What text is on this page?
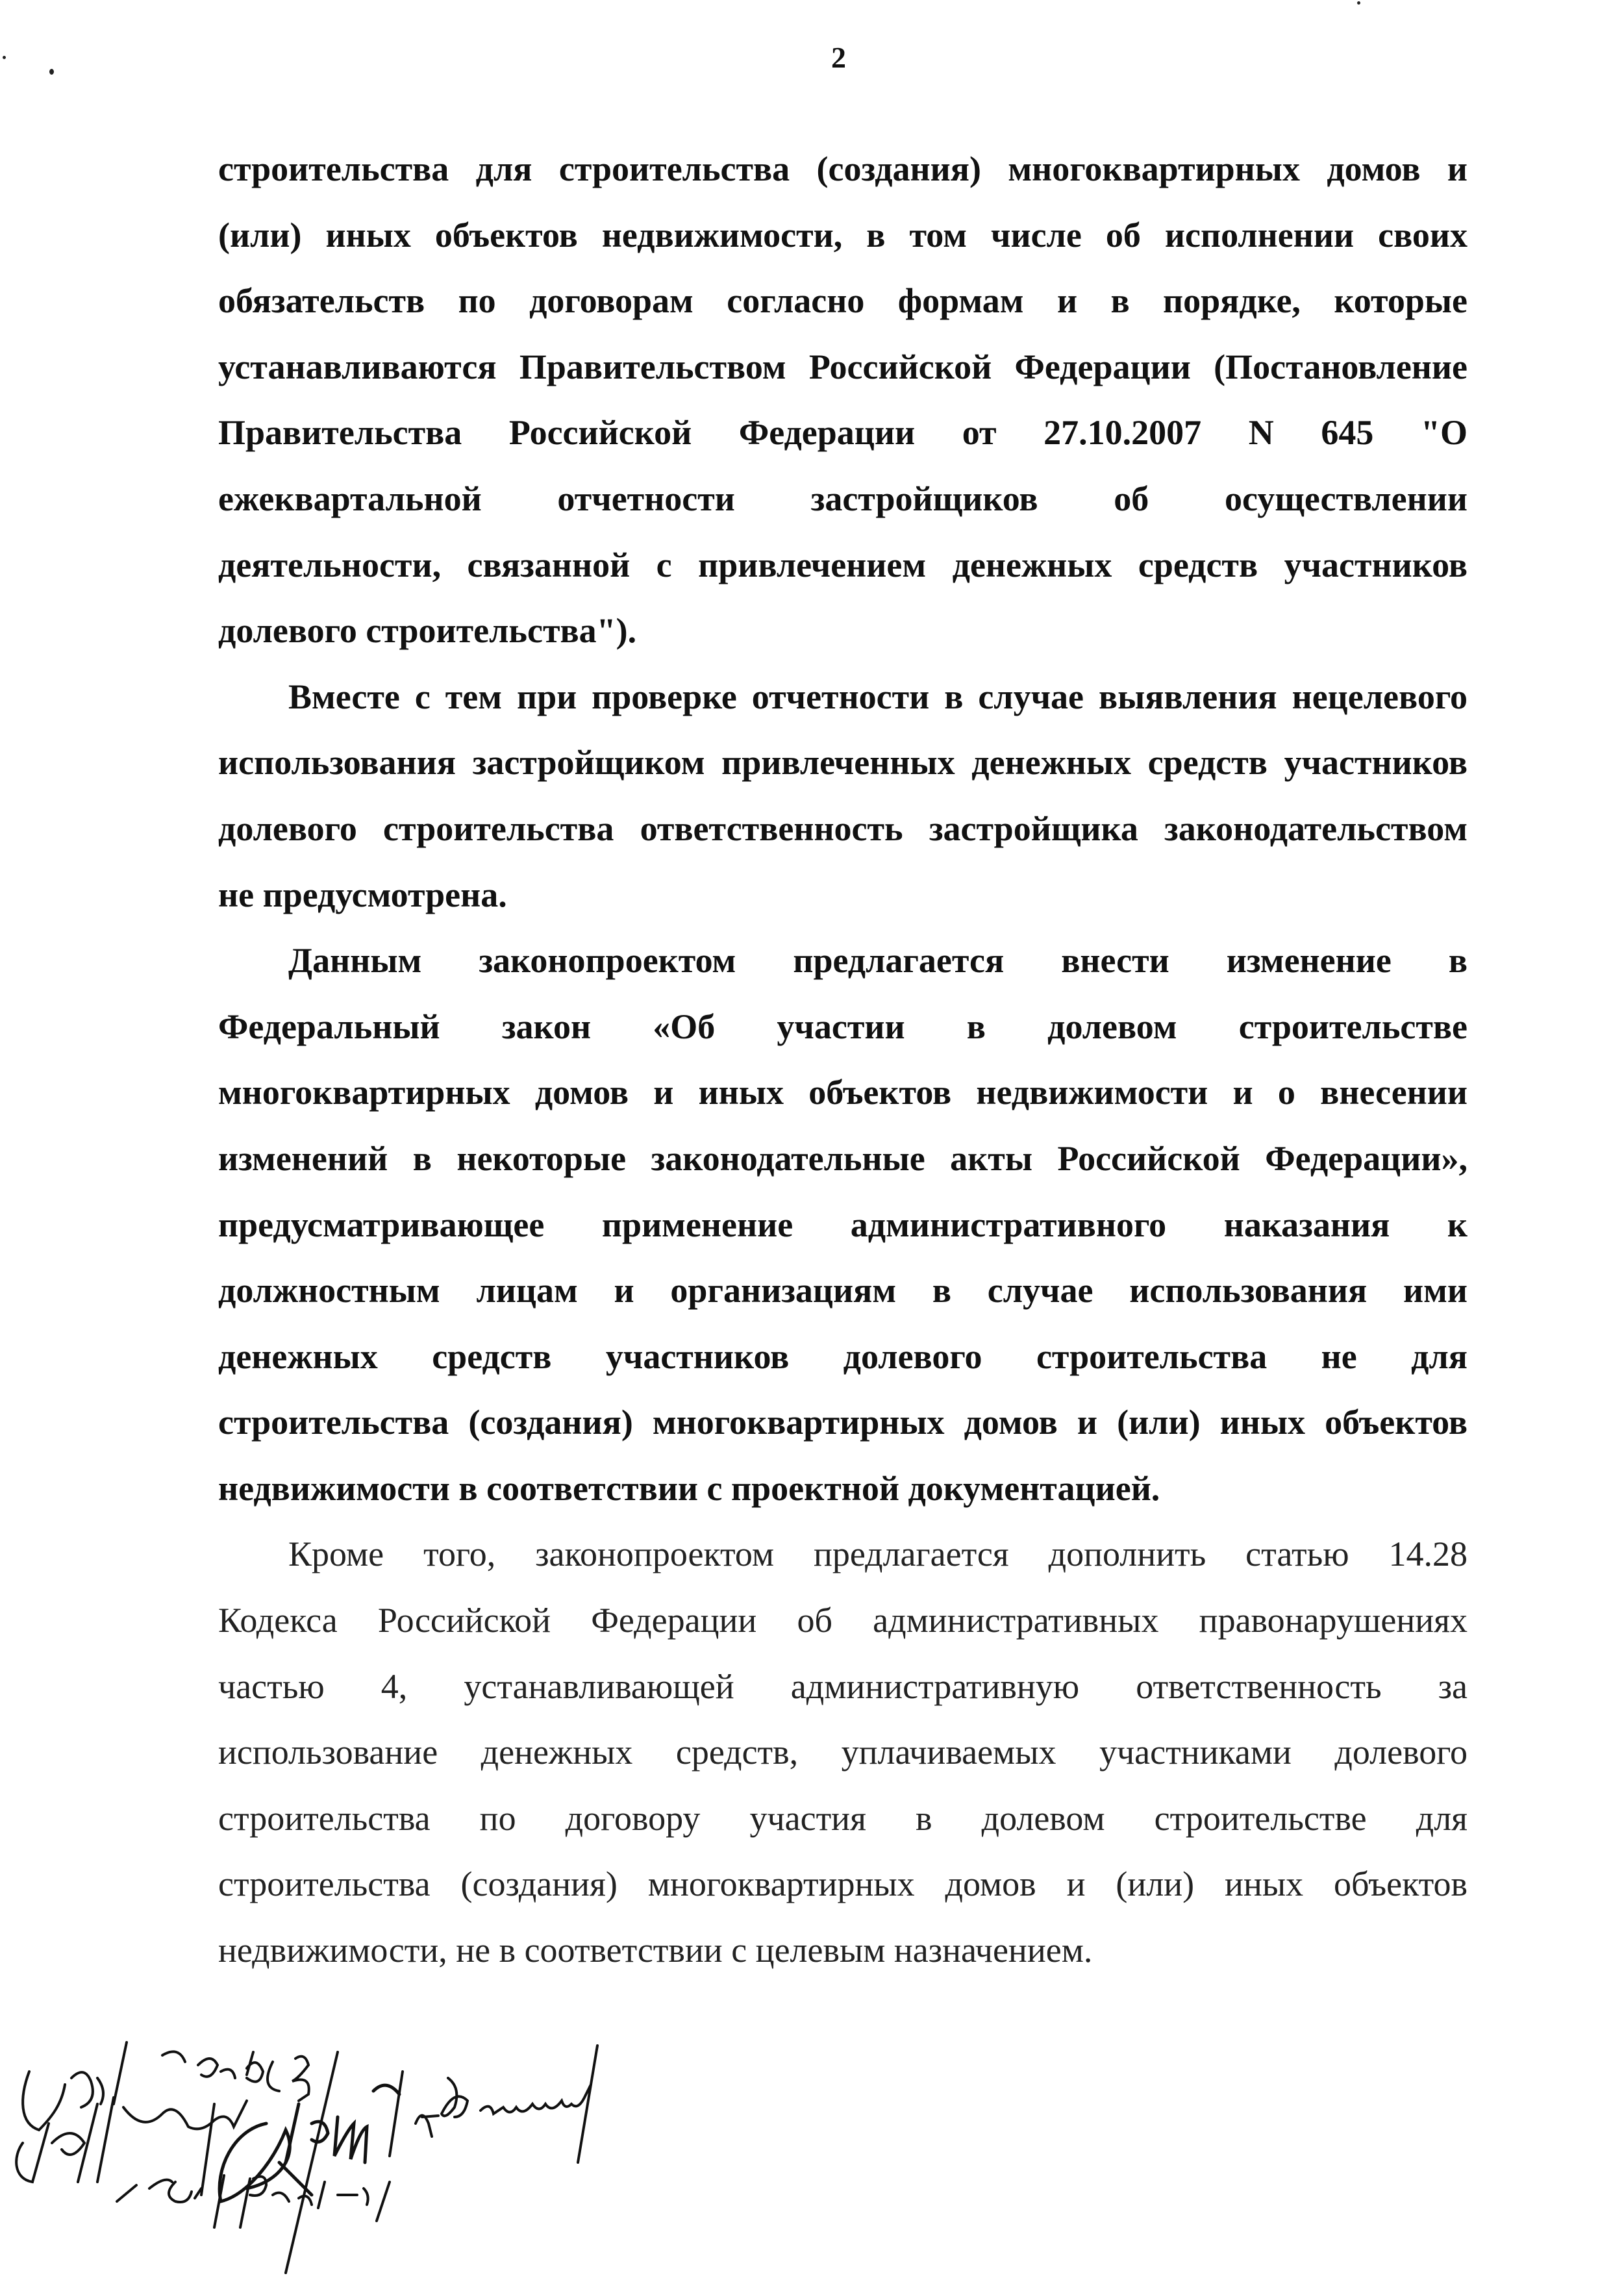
2
строительства для строительства (создания) многоквартирных домов и
(или) иных объектов недвижимости, в том числе об исполнении своих
обязательств по договорам согласно формам и в порядке, которые
устанавливаются Правительством Российской Федерации (Постановление
Правительства Российской Федерации от 27.10.2007 N 645 "О
ежеквартальной отчетности застройщиков об осуществлении
деятельности, связанной с привлечением денежных средств участников
долевого строительства").
Вместе с тем при проверке отчетности в случае выявления нецелевого
использования застройщиком привлеченных денежных средств участников
долевого строительства ответственность застройщика законодательством
не предусмотрена.
Данным законопроектом предлагается внести изменение в
Федеральный закон «Об участии в долевом строительстве
многоквартирных домов и иных объектов недвижимости и о внесении
изменений в некоторые законодательные акты Российской Федерации»,
предусматривающее применение административного наказания к
должностным лицам и организациям в случае использования ими
денежных средств участников долевого строительства не для
строительства (создания) многоквартирных домов и (или) иных объектов
недвижимости в соответствии с проектной документацией.
Кроме того, законопроектом предлагается дополнить статью 14.28
Кодекса Российской Федерации об административных правонарушениях
частью 4, устанавливающей административную ответственность за
использование денежных средств, уплачиваемых участниками долевого
строительства по договору участия в долевом строительстве для
строительства (создания) многоквартирных домов и (или) иных объектов
недвижимости, не в соответствии с целевым назначением.
